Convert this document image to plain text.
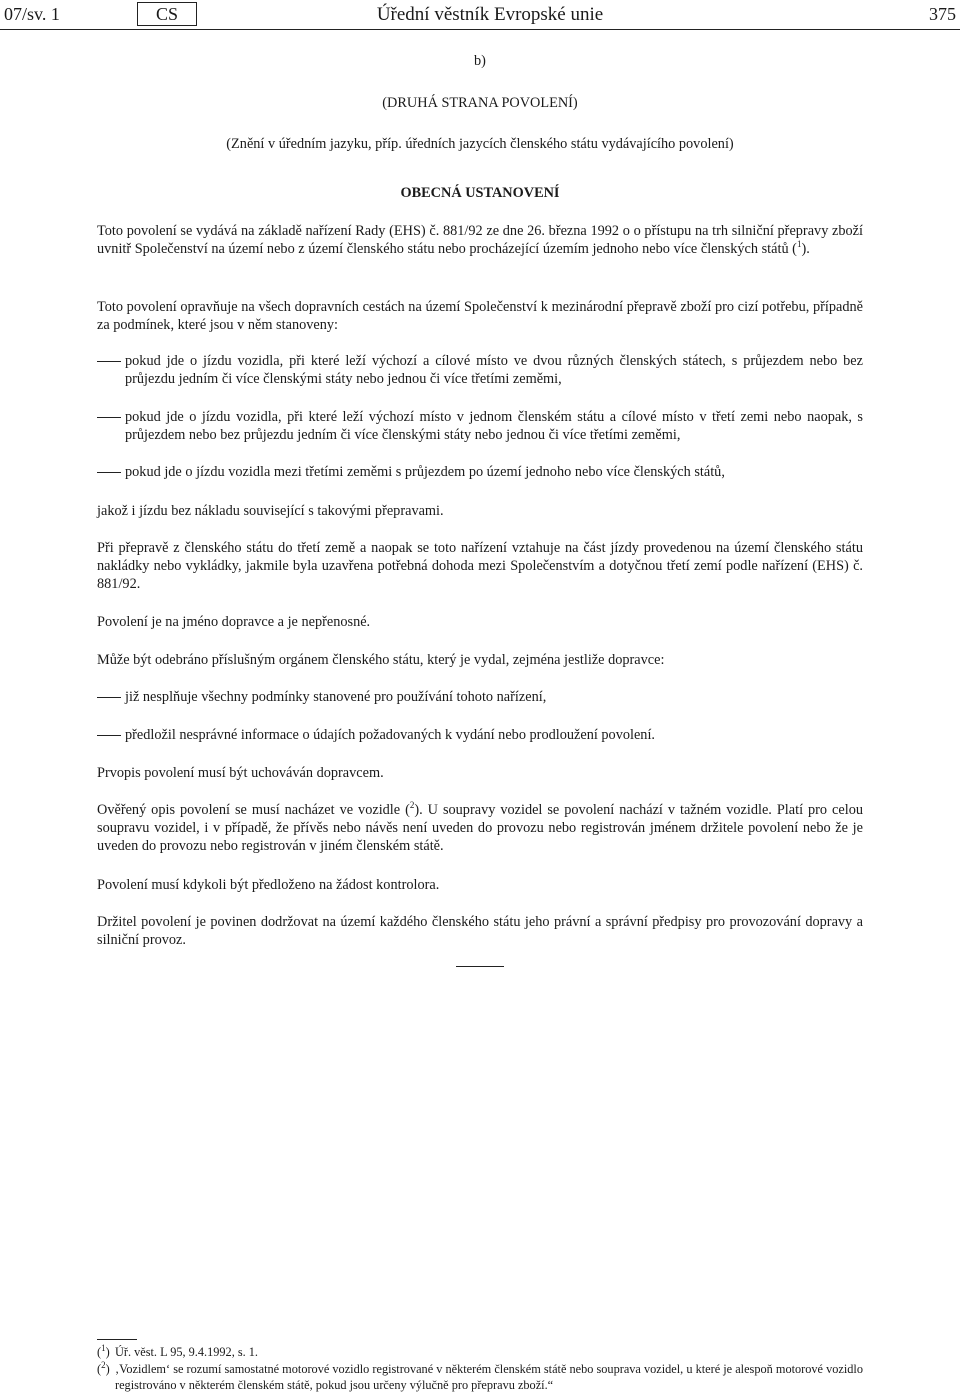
07/sv. 1	CS	Úřední věstník Evropské unie	375
b)
(DRUHÁ STRANA POVOLENÍ)
(Znění v úředním jazyku, příp. úředních jazycích členského státu vydávajícího povolení)
OBECNÁ USTANOVENÍ
Toto povolení se vydává na základě nařízení Rady (EHS) č. 881/92 ze dne 26. března 1992 o o přístupu na trh silniční přepravy zboží uvnitř Společenství na území nebo z území členského státu nebo procházející územím jednoho nebo více členských států ($^1$).
Toto povolení opravňuje na všech dopravních cestách na území Společenství k mezinárodní přepravě zboží pro cizí potřebu, případně za podmínek, které jsou v něm stanoveny:
pokud jde o jízdu vozidla, při které leží výchozí a cílové místo ve dvou různých členských státech, s průjezdem nebo bez průjezdu jedním či více členskými státy nebo jednou či více třetími zeměmi,
pokud jde o jízdu vozidla, při které leží výchozí místo v jednom členském státu a cílové místo v třetí zemi nebo naopak, s průjezdem nebo bez průjezdu jedním či více členskými státy nebo jednou či více třetími zeměmi,
pokud jde o jízdu vozidla mezi třetími zeměmi s průjezdem po území jednoho nebo více členských států,
jakož i jízdu bez nákladu související s takovými přepravami.
Při přepravě z členského státu do třetí země a naopak se toto nařízení vztahuje na část jízdy provedenou na území členského státu nakládky nebo vykládky, jakmile byla uzavřena potřebná dohoda mezi Společenstvím a dotyčnou třetí zemí podle nařízení (EHS) č. 881/92.
Povolení je na jméno dopravce a je nepřenosné.
Může být odebráno příslušným orgánem členského státu, který je vydal, zejména jestliže dopravce:
již nesplňuje všechny podmínky stanovené pro používání tohoto nařízení,
předložil nesprávné informace o údajích požadovaných k vydání nebo prodloužení povolení.
Prvopis povolení musí být uchováván dopravcem.
Ověřený opis povolení se musí nacházet ve vozidle ($^2$). U soupravy vozidel se povolení nachází v tažném vozidle. Platí pro celou soupravu vozidel, i v případě, že přívěs nebo návěs není uveden do provozu nebo registrován jménem držitele povolení nebo že je uveden do provozu nebo registrován v jiném členském státě.
Povolení musí kdykoli být předloženo na žádost kontrolora.
Držitel povolení je povinen dodržovat na území každého členského státu jeho právní a správní předpisy pro provozování dopravy a silniční provoz.
($^1$) Úř. věst. L 95, 9.4.1992, s. 1.
($^2$) ‚Vozidlem‘ se rozumí samostatné motorové vozidlo registrované v některém členském státě nebo souprava vozidel, u které je alespoň motorové vozidlo registrováno v některém členském státě, pokud jsou určeny výlučně pro přepravu zboží.“
